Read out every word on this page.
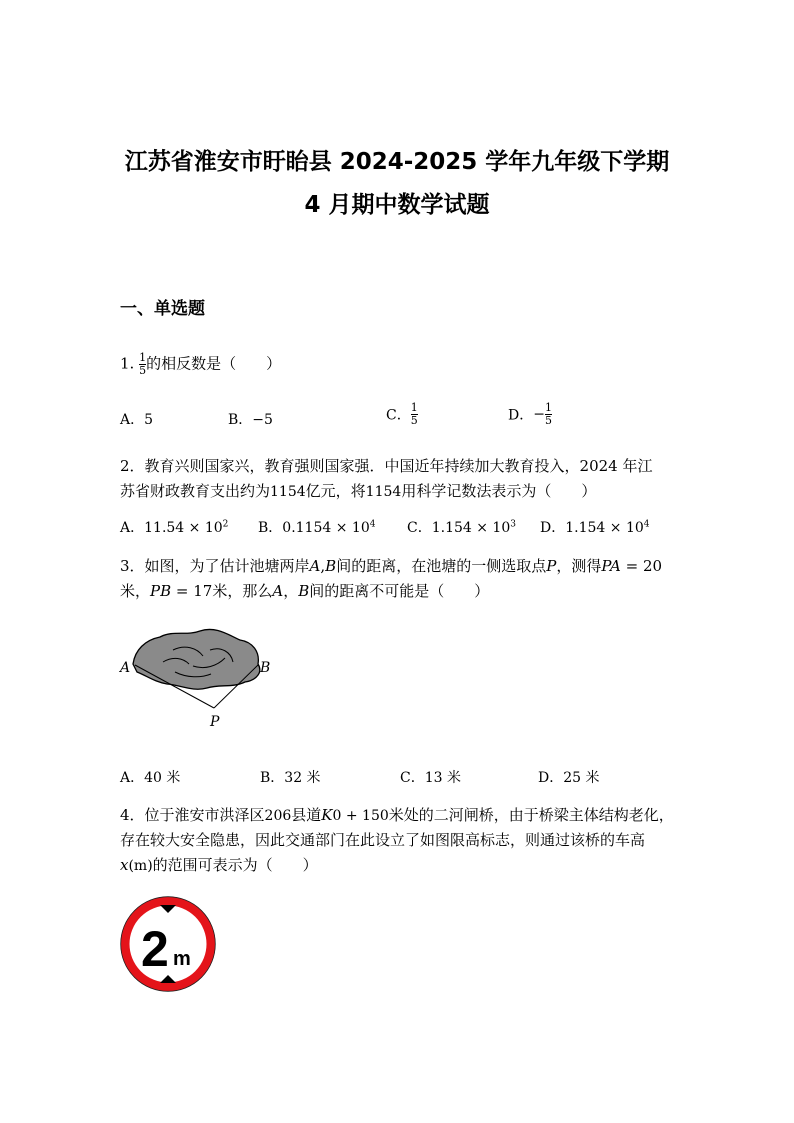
江苏省淮安市盱眙县 2024-2025 学年九年级下学期
4 月期中数学试题
一、单选题
1. $\frac{1}{5}$ 的相反数是（　　）
A．5	B．−5	C． $\frac{1}{5}$	D．− $\frac{1}{5}$
2．教育兴则国家兴，教育强则国家强．中国近年持续加大教育投入，2024 年江
苏省财政教育支出约为1154亿元，将1154用科学记数法表示为（　　）
A．$11.54 \times 10^2$ B．$0.1154 \times 10^4$ C．$1.154 \times 10^3$ D．$1.154 \times 10^4$
3．如图，为了估计池塘两岸A,B间的距离，在池塘的一侧选取点P，测得PA = 20
米，PB = 17米，那么A，B间的距离不可能是（　　）
A	B
P
A．40 米	B．32 米	C．13 米	D．25 米
4．位于淮安市洪泽区206县道K0 + 150米处的二河闸桥，由于桥梁主体结构老化，
存在较大安全隐患，因此交通部门在此设立了如图限高标志，则通过该桥的车高
x(m)的范围可表示为（　　）
2 m
